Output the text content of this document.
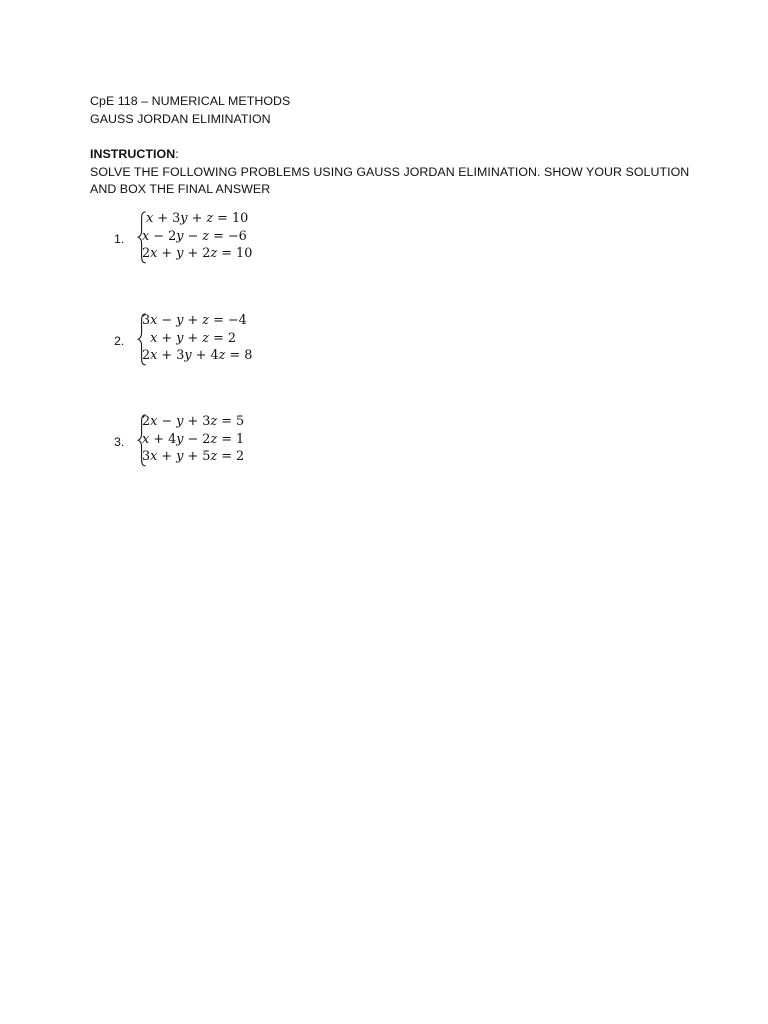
CpE 118 – NUMERICAL METHODS
GAUSS JORDAN ELIMINATION
INSTRUCTION:
SOLVE THE FOLLOWING PROBLEMS USING GAUSS JORDAN ELIMINATION. SHOW YOUR SOLUTION
AND BOX THE FINAL ANSWER
1.
𝑥 + 3𝑦 + 𝑧 = 10
𝑥 − 2𝑦 − 𝑧 = −6
2𝑥 + 𝑦 + 2𝑧 = 10
2.
3𝑥 − 𝑦 + 𝑧 = −4
𝑥 + 𝑦 + 𝑧 = 2
2𝑥 + 3𝑦 + 4𝑧 = 8
3.
2𝑥 − 𝑦 + 3𝑧 = 5
𝑥 + 4𝑦 − 2𝑧 = 1
3𝑥 + 𝑦 + 5𝑧 = 2
